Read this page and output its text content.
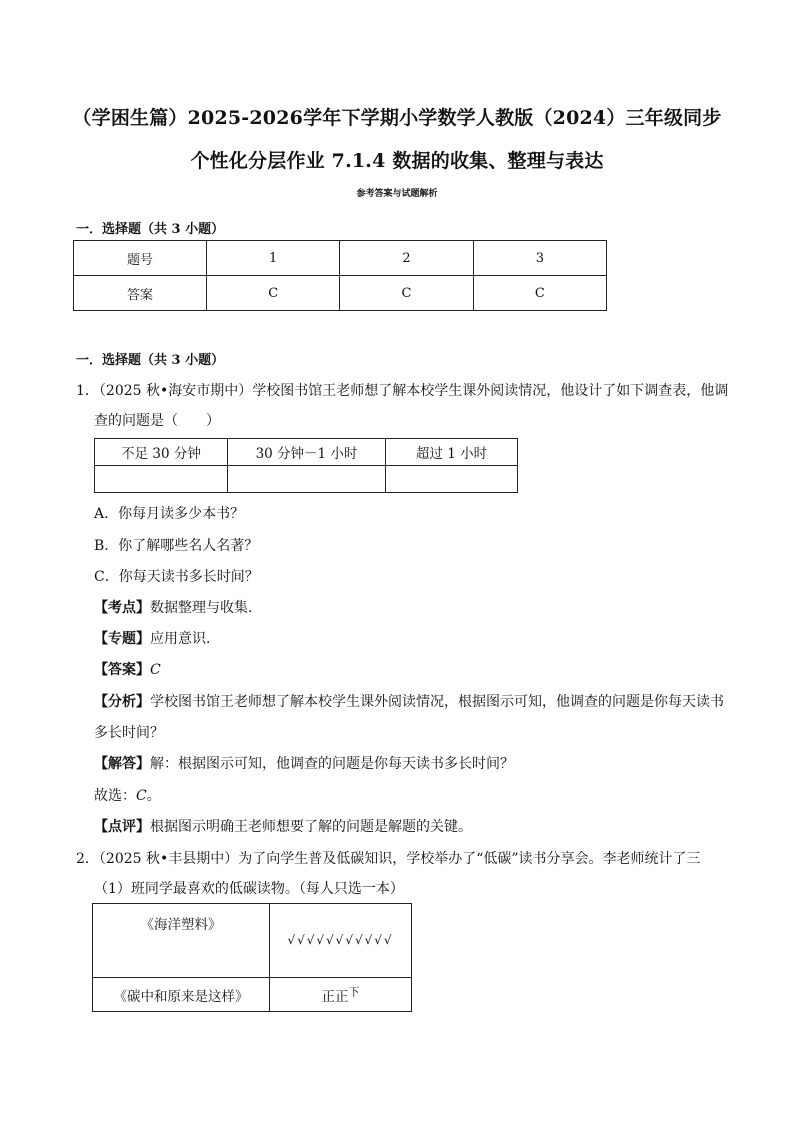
（学困生篇）2025-2026学年下学期小学数学人教版（2024）三年级同步
个性化分层作业 7.1.4 数据的收集、整理与表达
参考答案与试题解析
一．选择题（共 3 小题）
题号	1	2	3
答案	C	C	C
一．选择题（共 3 小题）
1．（2025 秋•海安市期中）学校图书馆王老师想了解本校学生课外阅读情况，他设计了如下调查表，他调
查的问题是（　　）
不足 30 分钟	30 分钟－1 小时	超过 1 小时

A．你每月读多少本书？
B．你了解哪些名人名著？
C．你每天读书多长时间？
【考点】数据整理与收集．
【专题】应用意识．
【答案】C
【分析】学校图书馆王老师想了解本校学生课外阅读情况，根据图示可知，他调查的问题是你每天读书
多长时间？
【解答】解：根据图示可知，他调查的问题是你每天读书多长时间？
故选：C。
【点评】根据图示明确王老师想要了解的问题是解题的关键。
2．（2025 秋•丰县期中）为了向学生普及低碳知识，学校举办了“低碳”读书分享会。李老师统计了三
（1）班同学最喜欢的低碳读物。（每人只选一本）
《海洋塑料》	√√√√√√√√√√√
《碳中和原来是这样》	正正$^下$
